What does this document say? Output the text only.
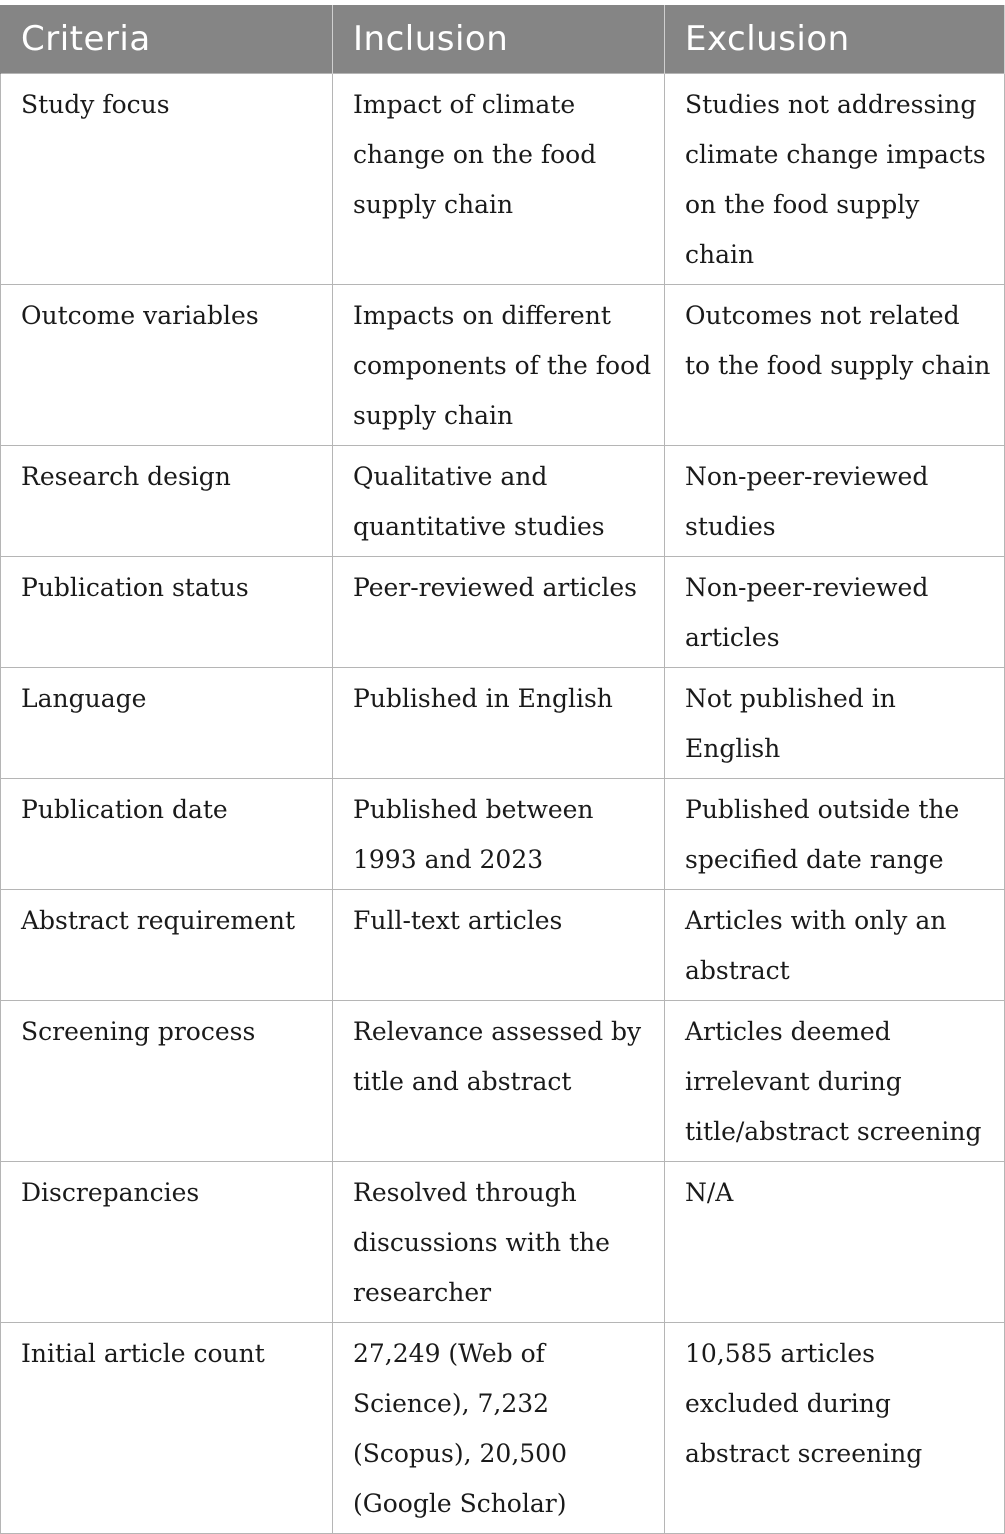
Criteria	Inclusion	Exclusion
Study focus	Impact of climate change on the food supply chain	Studies not addressing climate change impacts on the food supply chain
Outcome variables	Impacts on different components of the food supply chain	Outcomes not related to the food supply chain
Research design	Qualitative and quantitative studies	Non-peer-reviewed studies
Publication status	Peer-reviewed articles	Non-peer-reviewed articles
Language	Published in English	Not published in English
Publication date	Published between 1993 and 2023	Published outside the specified date range
Abstract requirement	Full-text articles	Articles with only an abstract
Screening process	Relevance assessed by title and abstract	Articles deemed irrelevant during title/abstract screening
Discrepancies	Resolved through discussions with the researcher	N/A
Initial article count	27,249 (Web of Science), 7,232 (Scopus), 20,500 (Google Scholar)	10,585 articles excluded during abstract screening
